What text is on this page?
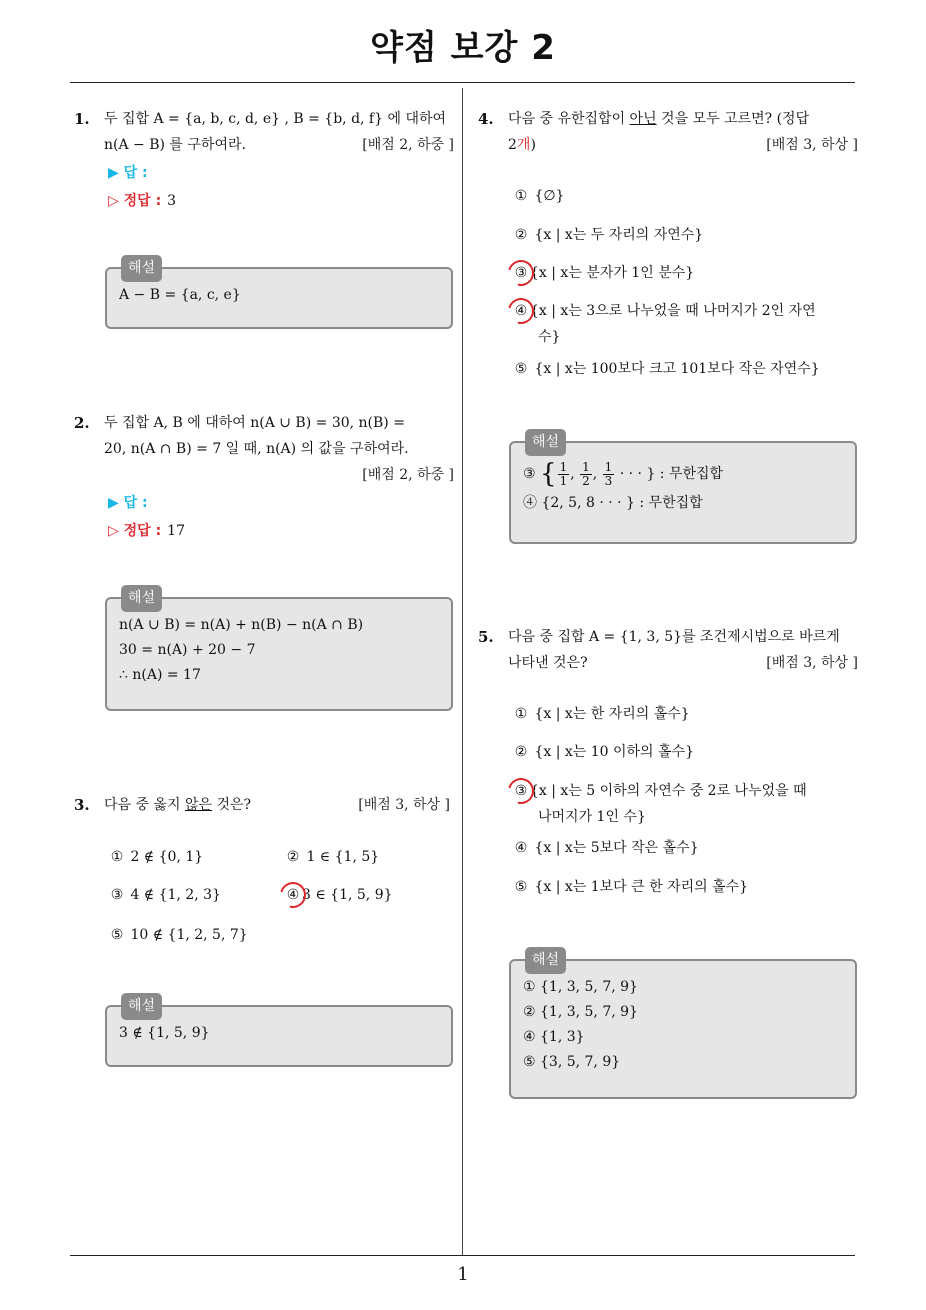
약점 보강 2
1
1. 두 집합 A = {a, b, c, d, e} , B = {b, d, f} 에 대하여
n(A − B) 를 구하여라.	[배점 2, 하중 ]
▶ 답 :
▷ 정답 : 3
해설
A − B = {a, c, e}
2. 두 집합 A, B 에 대하여 n(A ∪ B) = 30, n(B) =
20, n(A ∩ B) = 7 일 때, n(A) 의 값을 구하여라.
[배점 2, 하중 ]
▶ 답 :
▷ 정답 : 17
해설
n(A ∪ B) = n(A) + n(B) − n(A ∩ B)
30 = n(A) + 20 − 7
∴ n(A) = 17
3. 다음 중 옳지 않은 것은?	[배점 3, 하상 ]
① 2 ∉ {0, 1}	② 1 ∈ {1, 5}
③ 4 ∉ {1, 2, 3}	④ 3 ∈ {1, 5, 9}
⑤ 10 ∉ {1, 2, 5, 7}
해설
3 ∉ {1, 5, 9}
4. 다음 중 유한집합이 아닌 것을 모두 고르면? (정답
2개)	[배점 3, 하상 ]
① {∅}
② {x | x는 두 자리의 자연수}
③ {x | x는 분자가 1인 분수}
④ {x | x는 3으로 나누었을 때 나머지가 2인 자연
수}
⑤ {x | x는 100보다 크고 101보다 작은 자연수}
해설
③ { $\frac{1}{1}$ , $\frac{1}{2}$ , $\frac{1}{3}$ · · · } : 무한집합
④ {2, 5, 8 · · · } : 무한집합
5. 다음 중 집합 A = {1, 3, 5}를 조건제시법으로 바르게
나타낸 것은?	[배점 3, 하상 ]
① {x | x는 한 자리의 홀수}
② {x | x는 10 이하의 홀수}
③ {x | x는 5 이하의 자연수 중 2로 나누었을 때
나머지가 1인 수}
④ {x | x는 5보다 작은 홀수}
⑤ {x | x는 1보다 큰 한 자리의 홀수}
해설
① {1, 3, 5, 7, 9}
② {1, 3, 5, 7, 9}
④ {1, 3}
⑤ {3, 5, 7, 9}
